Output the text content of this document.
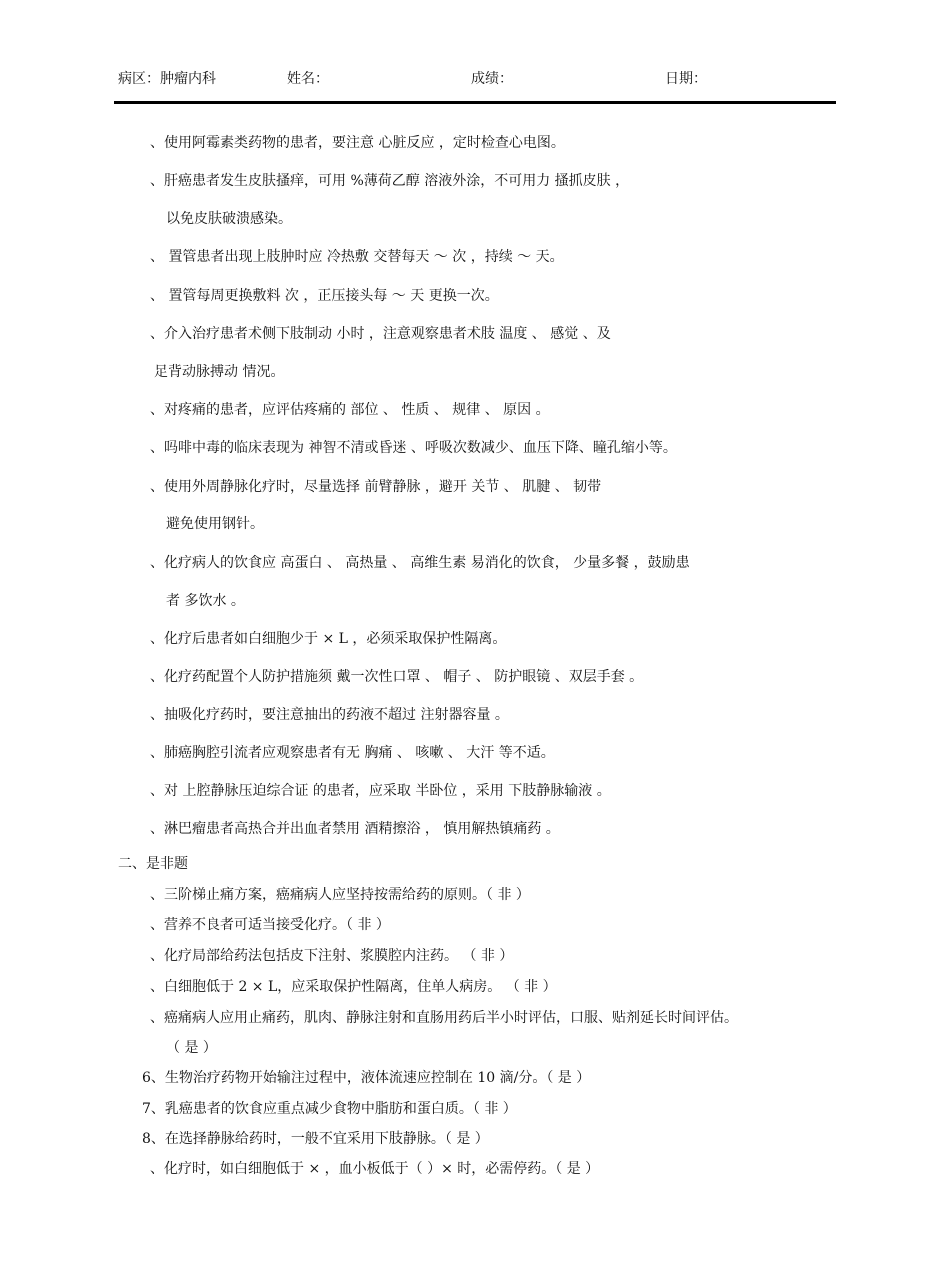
病区：肿瘤内科	姓名：	成绩：	日期：
、使用阿霉素类药物的患者，要注意 心脏反应 ，定时检查心电图。
、肝癌患者发生皮肤搔痒，可用 %薄荷乙醇 溶液外涂，不可用力 搔抓皮肤 ，
以免皮肤破溃感染。
、 置管患者出现上肢肿时应 冷热敷 交替每天 ～ 次 ，持续 ～ 天。
、 置管每周更换敷料 次 ，正压接头每 ～ 天 更换一次。
、介入治疗患者术侧下肢制动 小时 ，注意观察患者术肢 温度 、 感觉 、及
足背动脉搏动 情况。
、对疼痛的患者，应评估疼痛的 部位 、 性质 、 规律 、 原因 。
、吗啡中毒的临床表现为 神智不清或昏迷 、呼吸次数减少、血压下降、瞳孔缩小等。
、使用外周静脉化疗时，尽量选择 前臂静脉 ，避开 关节 、 肌腱 、 韧带
避免使用钢针。
、化疗病人的饮食应 高蛋白 、 高热量 、 高维生素 易消化的饮食， 少量多餐 ，鼓励患
者 多饮水 。
、化疗后患者如白细胞少于 × L ，必须采取保护性隔离。
、化疗药配置个人防护措施须 戴一次性口罩 、 帽子 、 防护眼镜 、双层手套 。
、抽吸化疗药时，要注意抽出的药液不超过 注射器容量 。
、肺癌胸腔引流者应观察患者有无 胸痛 、 咳嗽 、 大汗 等不适。
、对 上腔静脉压迫综合证 的患者，应采取 半卧位 ，采用 下肢静脉输液 。
、淋巴瘤患者高热合并出血者禁用 酒精擦浴 ， 慎用解热镇痛药 。
二、是非题
、三阶梯止痛方案，癌痛病人应坚持按需给药的原则。（ 非 ）
、营养不良者可适当接受化疗。（ 非 ）
、化疗局部给药法包括皮下注射、浆膜腔内注药。 （ 非 ）
、白细胞低于 2 × L，应采取保护性隔离，住单人病房。 （ 非 ）
、癌痛病人应用止痛药，肌肉、静脉注射和直肠用药后半小时评估，口服、贴剂延长时间评估。
（ 是 ）
6、生物治疗药物开始输注过程中，液体流速应控制在 10 滴/分。（ 是 ）
7、乳癌患者的饮食应重点减少食物中脂肪和蛋白质。（ 非 ）
8、在选择静脉给药时，一般不宜采用下肢静脉。（ 是 ）
、化疗时，如白细胞低于 × ，血小板低于（ ）× 时，必需停药。（ 是 ）
